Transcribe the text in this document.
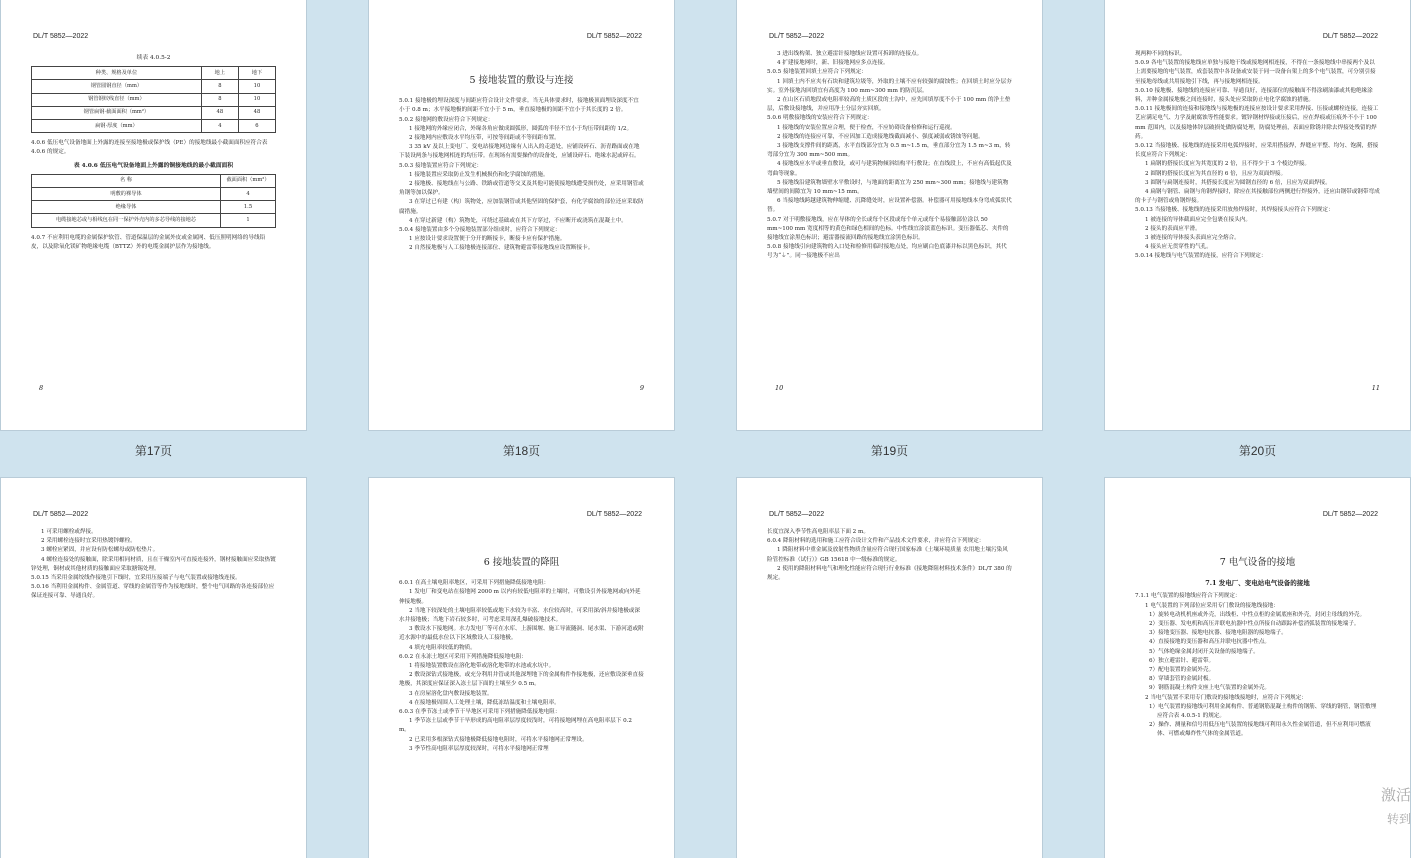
DL/T 5852—2022
续表 4.0.5-2
种类、规格及单位	地上	地下
钢管圆钢直径（mm）	8	10
钢管钢绞线直径（mm）	8	10
钢管扁钢·截面面积（mm²）	48	48
扁钢·厚度（mm）	4	6

4.0.6 低压电气设备地面上外露的连接至接地极或保护线（PE）的接地线最小截面面积应符合表 4.0.6 的规定。

表 4.0.6 低压电气设备地面上外露的铜接地线的最小截面面积
名 称	截面面积（mm²）
明敷的裸导体	4
绝缘导体	1.5
电缆接地芯或与相线包在同一保护外壳内的多芯导线的接地芯	1

4.0.7 不应利用电缆的金属保护软管、管道保温层的金属外皮或金属网、低压照明网络的导线铅皮，以及除氧化镁矿物绝缘电缆（BTTZ）外的电缆金属护层作为接地线。

8
第17页
DL/T 5852—2022

5 接地装置的敷设与连接

5.0.1 接地极的埋设深度与间距应符合设计文件要求。当无具体要求时，接地极顶面埋设深度不宜小于 0.8 m；水平接地极的间距不宜小于 5 m，垂直接地极的间距不宜小于其长度的 2 倍。

5.0.2 接地网的敷设应符合下列规定：

1 接地网的外缘应闭合，外缘各角应做成圆弧形，圆弧的半径不宜小于均压带间距的 1/2。

2 接地网内应敷设水平均压带，可按等间距或不等间距布置。

3 35 kV 及以上变电厂、变电站接地网边缘有人出入的走道处，应铺设碎石、沥青路面或在地下装设两条与接地网相连的均压带。在现场有需要操作的设备处，应铺设碎石、绝缘水泥或碎石。

5.0.3 接地装置应符合下列规定：

1 接地装置应采取防止发生机械损伤和化学腐蚀的措施。

2 接地极、接地线在与公路、铁路或管道等交叉及其他可能使接地线遭受损伤处，应采用钢管或角钢等加以保护。

3 在穿过已有建（构）筑物处，应加装钢管或其他坚固的保护套，有化学腐蚀的部位还应采取防腐措施。

4 在穿过新建（构）筑物处，可绕过基础或在其下方穿过，不应断开或浇筑在混凝土中。

5.0.4 接地装置由多个分接地装置部分组成时，应符合下列规定：

1 应按设计要求设置便于分开的断接卡，断接卡应有保护措施。

2 自然接地极与人工接地极连接部位、建筑物避雷带接地线应设置断接卡。

9
第18页
DL/T 5852—2022

3 进出线构架、独立避雷针接地线应设置可拆卸的连接点。

4 扩建接地网时，新、旧接地网应多点连接。

5.0.5 接地装置回填土应符合下列规定：

1 回填土内不应夹有石块和建筑垃圾等，外取的土壤不应有较强的腐蚀性；在回填土时应分层夯实。室外接地沟回填宜有高度为 100 mm~300 mm 的防沉层。

2 在山区石质地段或电阻率较高的土质区段的土沟中，应先回填厚度不小于 100 mm 的净土垫层，后敷设接地线，并应用净土分层夯实回填。

5.0.6 明敷接地线的安装应符合下列规定：

1 接地线的安装位置应合理，便于检查，不应妨碍设备检修和运行巡视。

2 接地线的连接应可靠，不应因加工造成接地线截面减小、强度减弱或锈蚀等问题。

3 接地线支撑件间的距离，水平直线部分宜为 0.5 m~1.5 m，垂直部分宜为 1.5 m~3 m，转弯部分宜为 300 mm~500 mm。

4 接地线应水平或垂直敷设，或可与建筑物倾斜结构平行敷设；在直线段上，不应有高低起伏及弯曲等现象。

5 接地线沿建筑物墙壁水平敷设时，与地面的距离宜为 250 mm~300 mm；接地线与建筑物墙壁间的间隙宜为 10 mm~15 mm。

6 当接地线跨越建筑物伸缩缝、沉降缝处时，应设置补偿器。补偿器可用接地线本身弯成弧状代替。

5.0.7 对于明敷接地线，应在导体的全长或每个区段或每个单元或每个易接触部位涂以 50 mm~100 mm 宽度相等的黄色和绿色相间的色标。中性线宜涂淡蓝色标识。变压器低芯、夹件的接地线宜涂黑色标识；避雷器接流回路的接地线宜涂黑色标识。

5.0.8 接地线引向建筑物的入口处和检修用临时接地点处，均应刷白色底漆并标以黑色标识，其代号为“⏚”。同一接地极不应出

10
第19页
DL/T 5852—2022

现两种不同的标识。

5.0.9 各电气装置的接地线应单独与接地干线或接地网相连接，不得在一条接地线中串接两个及以上需要接地的电气装置，成套装置中各设备或安装于同一设备台架上的多个电气装置，可分别引接至接地母线或共用接地引下线，再与接地网相连接。

5.0.10 接地极、接地线的连接应可靠、导通良好，连接部位的接触面不得涂刷油漆或其他绝缘涂料，并种金属接地极之间连接时，接头处应采取防止电化学腐蚀的措施。

5.0.11 接地极间的连接和接地线与接地极的连接应按设计要求采用焊接、压接或螺栓连接，连接工艺应满足电气、力学及耐腐蚀等性能要求。镀锌钢材焊接或压接后，应在焊痕或压痕外不小于 100 mm 范围内，以及接地体锌层破损处做防腐处理，防腐处理前，表面应除锈并除去焊接处残留的焊药。

5.0.12 当接地极、接地线的连接采用电弧焊接时，应采用搭接焊，焊缝应平整、均匀、饱满，搭接长度应符合下列规定：

1 扁钢的搭接长度应为其宽度的 2 倍，且不得少于 3 个棱边焊接。

2 圆钢的搭接长度应为其直径的 6 倍，且应为双面焊接。

3 圆钢与扁钢连接时，其搭接长度应为圆钢直径的 6 倍，且应为双面焊接。

4 扁钢与钢管、扁钢与角钢焊接时，除应在其接触部位两侧进行焊接外，还应由钢带或钢带弯成的卡子与钢管或角钢焊接。

5.0.13 当接地极、接地线的连接采用放热焊接时，其焊接接头应符合下列规定：

1 被连接的导体截面应完全包裹在接头内。

2 接头的表面应平滑。

3 被连接的导体接头表面应完全熔合。

4 接头应无贯穿性的气孔。

5.0.14 接地线与电气装置的连接，应符合下列规定：

11
第20页
DL/T 5852—2022

1 可采用螺栓或焊接。

2 采用螺栓连接时宜采用热镀锌螺栓。

3 螺栓应紧固，并应设有防松螺母或防松垫片。

4 螺栓连接处的接触面，除采用相同材质，且在干燥室内可直接连接外，钢材接触面应采取热镀锌处理，铜材或其他材质的接触面应采取搪锡处理。

5.0.15 当采用金属绞线作接地引下线时，宜采用压接端子与电气装置或接地线连接。

5.0.16 当利用金属构件、金属管道、穿线的金属管等作为接地线时，整个电气回路的各连接部位应保证连接可靠、导通良好。

DL/T 5852—2022

6 接地装置的降阻

6.0.1 在高土壤电阻率地区，可采用下列措施降低接地电阻：

1 发电厂和变电站在接地网 2000 m 以内有较低电阻率的土壤时，可敷设引外接地网或向外延伸接地极。

2 当地下较深处的土壤电阻率较低或地下水较为丰富、水位较高时，可采用深/斜井接地极或深水井接地极；当地下岩石较多时，可考虑采用深孔爆破接地技术。

3 敷设水下接地网。水力发电厂等可在水库、上游围堰、施工导流隧洞、尾水渠、下游河道或附近水源中的最低水位以下区域敷设人工接地极。

4 填充电阻率较低的物质。

6.0.2 在永冻土地区可采用下列措施降低接地电阻：

1 将接地装置敷设在溶化地带或溶化地带的水池或水坑中。

2 敷设深钻式接地极，或充分利用井管或其他深埋地下的金属构件作接地极，还应敷设深垂直接地极，其深度应保证深入冻土层下面的土壤至少 0.5 m。

3 在房屋溶化盘内敷设接地装置。

4 在接地极周围人工处理土壤，降低冻结温度和土壤电阻率。

6.0.3 在季节冻土或季节干旱地区可采用下列措施降低接地电阻：

1 季节冻土层或季节干旱形成的高电阻率层厚度较浅时，可将接地网埋在高电阻率层下 0.2 m。

2 已采用多根深钻式接地极降低接地电阻时，可将水平接地网正常埋设。

3 季节性高电阻率层厚度较深时，可将水平接地网正常埋

DL/T 5852—2022

长度宜深入季节性高电阻率层下面 2 m。

6.0.4 降阻材料的选用和施工应符合设计文件和产品技术文件要求，并应符合下列规定：

1 降阻材料中重金属及放射性物质含量应符合现行国家标准《土壤环境质量 农用地土壤污染风险管控标准（试行）》GB 15618 中一级标准的规定。

2 使用的降阻材料电气和理化性能应符合现行行业标准《接地降阻材料技术条件》DL/T 380 的规定。

DL/T 5852—2022

7 电气设备的接地

7.1 发电厂、变电站电气设备的接地

7.1.1 电气装置的接地线应符合下列规定：

1 电气装置的下列部位应采用专门敷设的接地线接地：

1）旋转电动机机座或外壳，出线柜、中性点柜的金属底座和外壳，封闭主母线的外壳。

2）变压器、发电机和高压并联电抗器中性点所接自动跟踪补偿消弧装置的接地端子。

3）接地变压器、接地电抗器、接地电阻器的接地端子。

4）直接接地的变压器和高压并联电抗器中性点。

5）气体绝缘金属封闭开关设备的接地端子。

6）独立避雷针、避雷带。

7）配电装置的金属外壳。

8）穿墙套管的金属封板。

9）钢筋混凝土构件支座上电气装置的金属外壳。

2 当电气装置不采用专门敷设的接地线接地时，应符合下列规定：

1）电气装置的接地线可利用金属构件、普通钢筋混凝土构件的钢筋、穿线的钢管，钢管敷埋应符合表 4.0.5-1 的规定。

2）操作、测量和信号用低压电气装置的接地线可利用永久性金属管道，但不应利用可燃液体、可燃或爆炸性气体的金属管道。

激活
转到
